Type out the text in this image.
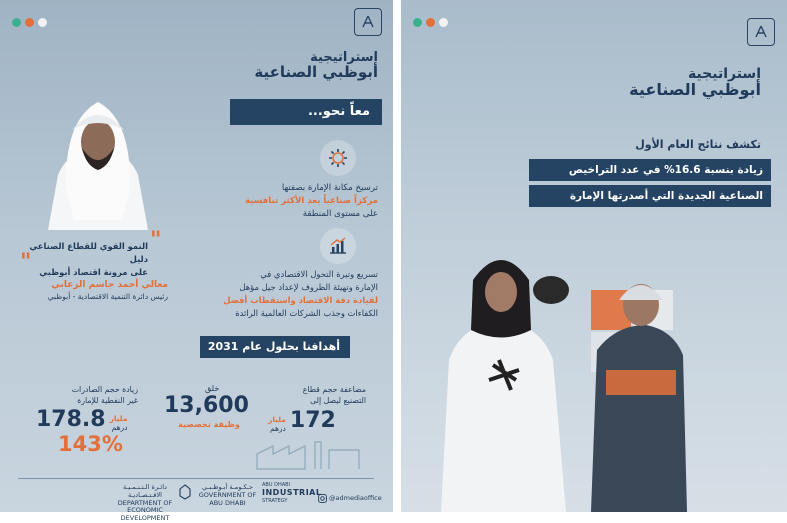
استراتيجية
أبوظبي الصناعية
معاً نحو...
ترسيخ مكانة الإمارة بصفتها
مركزاً صناعياً يعد الأكثر تنافسية
على مستوى المنطقة
تسريع وتيرة التحول الاقتصادي في
الإمارة وتهيئة الظروف لإعداد جيل مؤهل
لقيادة دفة الاقتصاد واستقطاب أفضل
الكفاءات وجذب الشركات العالمية الرائدة
"
النمو القوي للقطاع الصناعي دليل
على مرونة اقتصاد أبوظبي
"
معالي أحمد جاسم الزعابي
رئيس دائرة التنمية الاقتصادية - أبوظبي
أهدافنا بحلول عام 2031
زيادة حجم الصادرات
غير النفطية للإمارة
178.8 مليار
درهم
143%
خلق
13,600
وظيفة تخصصية
مضاعفة حجم قطاع
التصنيع ليصل إلى
مليار
درهم 172
دائـرة الـتـنـمـيـة الاقـتـصـاديـة
DEPARTMENT OF ECONOMIC DEVELOPMENT
حـكـومـة أبـوظـبـي
GOVERNMENT OF ABU DHABI
ABU DHABI
INDUSTRIAL
STRATEGY	@admediaoffice
استراتيجية
أبوظبي الصناعية
تكشف نتائج العام الأول
زيادة بنسبة 16.6% في عدد التراخيص
الصناعية الجديدة التي أصدرتها الإمارة
